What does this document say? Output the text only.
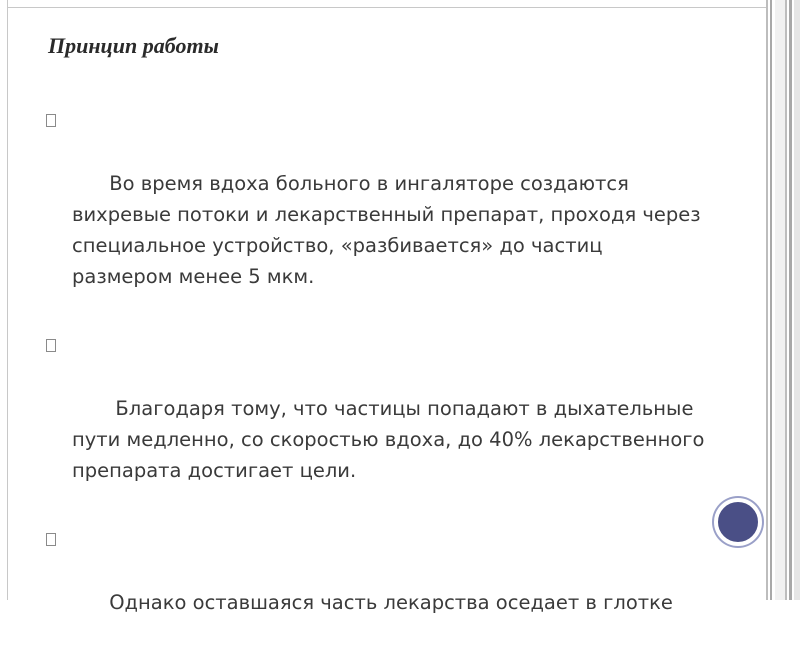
Принцип работы

Во время вдоха больного в ингаляторе создаются вихревые потоки и лекарственный препарат, проходя через специальное устройство, «разбивается» до частиц размером менее 5 мкм.

Благодаря тому, что частицы попадают в дыхательные пути медленно, со скоростью вдоха, до 40% лекарственного препарата достигает цели.

Однако оставшаяся часть лекарства оседает в глотке
